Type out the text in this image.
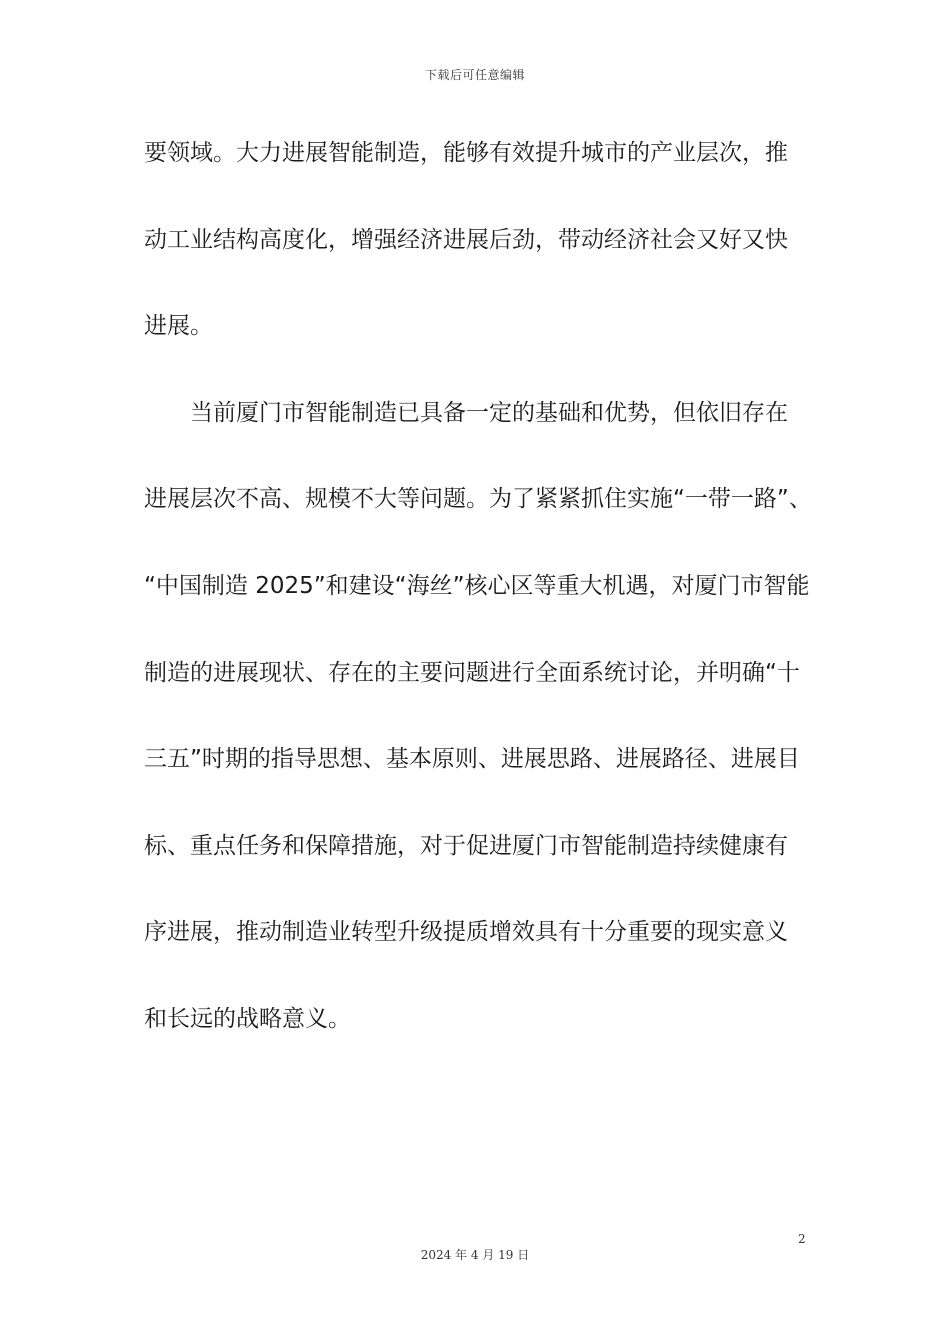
下载后可任意编辑
要领域。大力进展智能制造，能够有效提升城市的产业层次，推
动工业结构高度化，增强经济进展后劲，带动经济社会又好又快
进展。
当前厦门市智能制造已具备一定的基础和优势，但依旧存在
进展层次不高、规模不大等问题。为了紧紧抓住实施“一带一路”、
“中国制造 2025”和建设“海丝”核心区等重大机遇，对厦门市智能
制造的进展现状、存在的主要问题进行全面系统讨论，并明确“十
三五”时期的指导思想、基本原则、进展思路、进展路径、进展目
标、重点任务和保障措施，对于促进厦门市智能制造持续健康有
序进展，推动制造业转型升级提质增效具有十分重要的现实意义
和长远的战略意义。
2
2024 年 4 月 19 日
